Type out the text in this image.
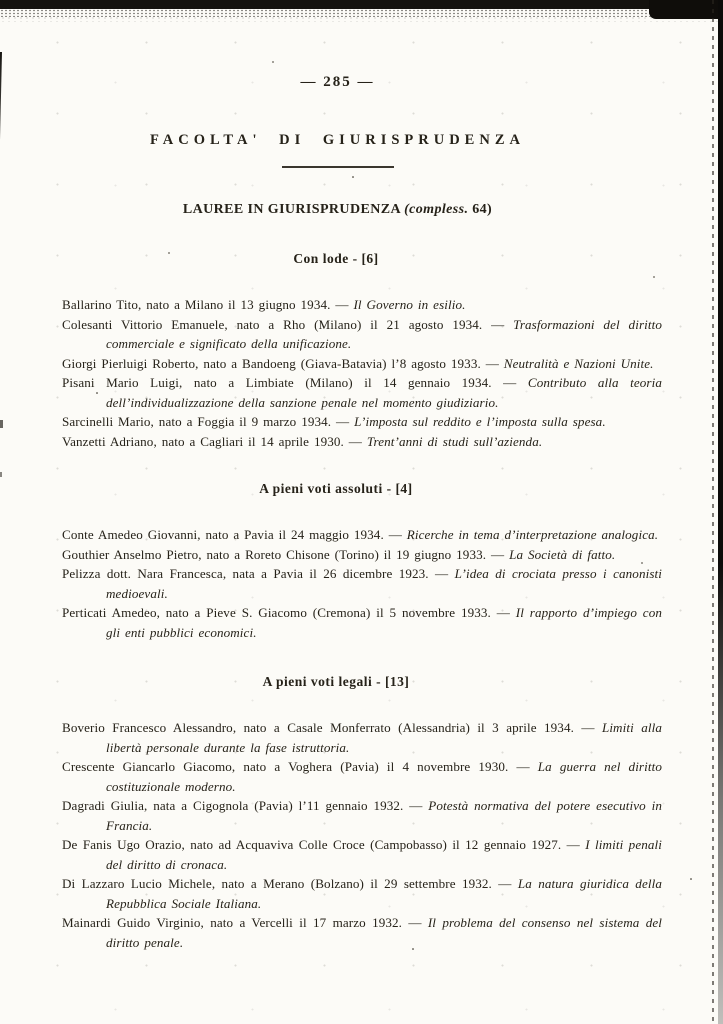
— 285 —
FACOLTA' DI GIURISPRUDENZA
LAUREE IN GIURISPRUDENZA (compless. 64)
Con lode - [6]

Ballarino Tito, nato a Milano il 13 giugno 1934. — Il Governo in esilio.

Colesanti Vittorio Emanuele, nato a Rho (Milano) il 21 agosto 1934. — Trasformazioni del diritto commerciale e significato della unificazione.

Giorgi Pierluigi Roberto, nato a Bandoeng (Giava-Batavia) l’8 agosto 1933. — Neutralità e Nazioni Unite.

Pisani Mario Luigi, nato a Limbiate (Milano) il 14 gennaio 1934. — Contributo alla teoria dell’individualizzazione della sanzione penale nel momento giudiziario.

Sarcinelli Mario, nato a Foggia il 9 marzo 1934. — L’imposta sul reddito e l’imposta sulla spesa.

Vanzetti Adriano, nato a Cagliari il 14 aprile 1930. — Trent’anni di studi sull’azienda.

A pieni voti assoluti - [4]

Conte Amedeo Giovanni, nato a Pavia il 24 maggio 1934. — Ricerche in tema d’interpretazione analogica.

Gouthier Anselmo Pietro, nato a Roreto Chisone (Torino) il 19 giugno 1933. — La Società di fatto.

Pelizza dott. Nara Francesca, nata a Pavia il 26 dicembre 1923. — L’idea di crociata presso i canonisti medioevali.

Perticati Amedeo, nato a Pieve S. Giacomo (Cremona) il 5 novembre 1933. — Il rapporto d’impiego con gli enti pubblici economici.

A pieni voti legali - [13]

Boverio Francesco Alessandro, nato a Casale Monferrato (Alessandria) il 3 aprile 1934. — Limiti alla libertà personale durante la fase istruttoria.

Crescente Giancarlo Giacomo, nato a Voghera (Pavia) il 4 novembre 1930. — La guerra nel diritto costituzionale moderno.

Dagradi Giulia, nata a Cigognola (Pavia) l’11 gennaio 1932. — Potestà normativa del potere esecutivo in Francia.

De Fanis Ugo Orazio, nato ad Acquaviva Colle Croce (Campobasso) il 12 gennaio 1927. — I limiti penali del diritto di cronaca.

Di Lazzaro Lucio Michele, nato a Merano (Bolzano) il 29 settembre 1932. — La natura giuridica della Repubblica Sociale Italiana.

Mainardi Guido Virginio, nato a Vercelli il 17 marzo 1932. — Il problema del consenso nel sistema del diritto penale.
